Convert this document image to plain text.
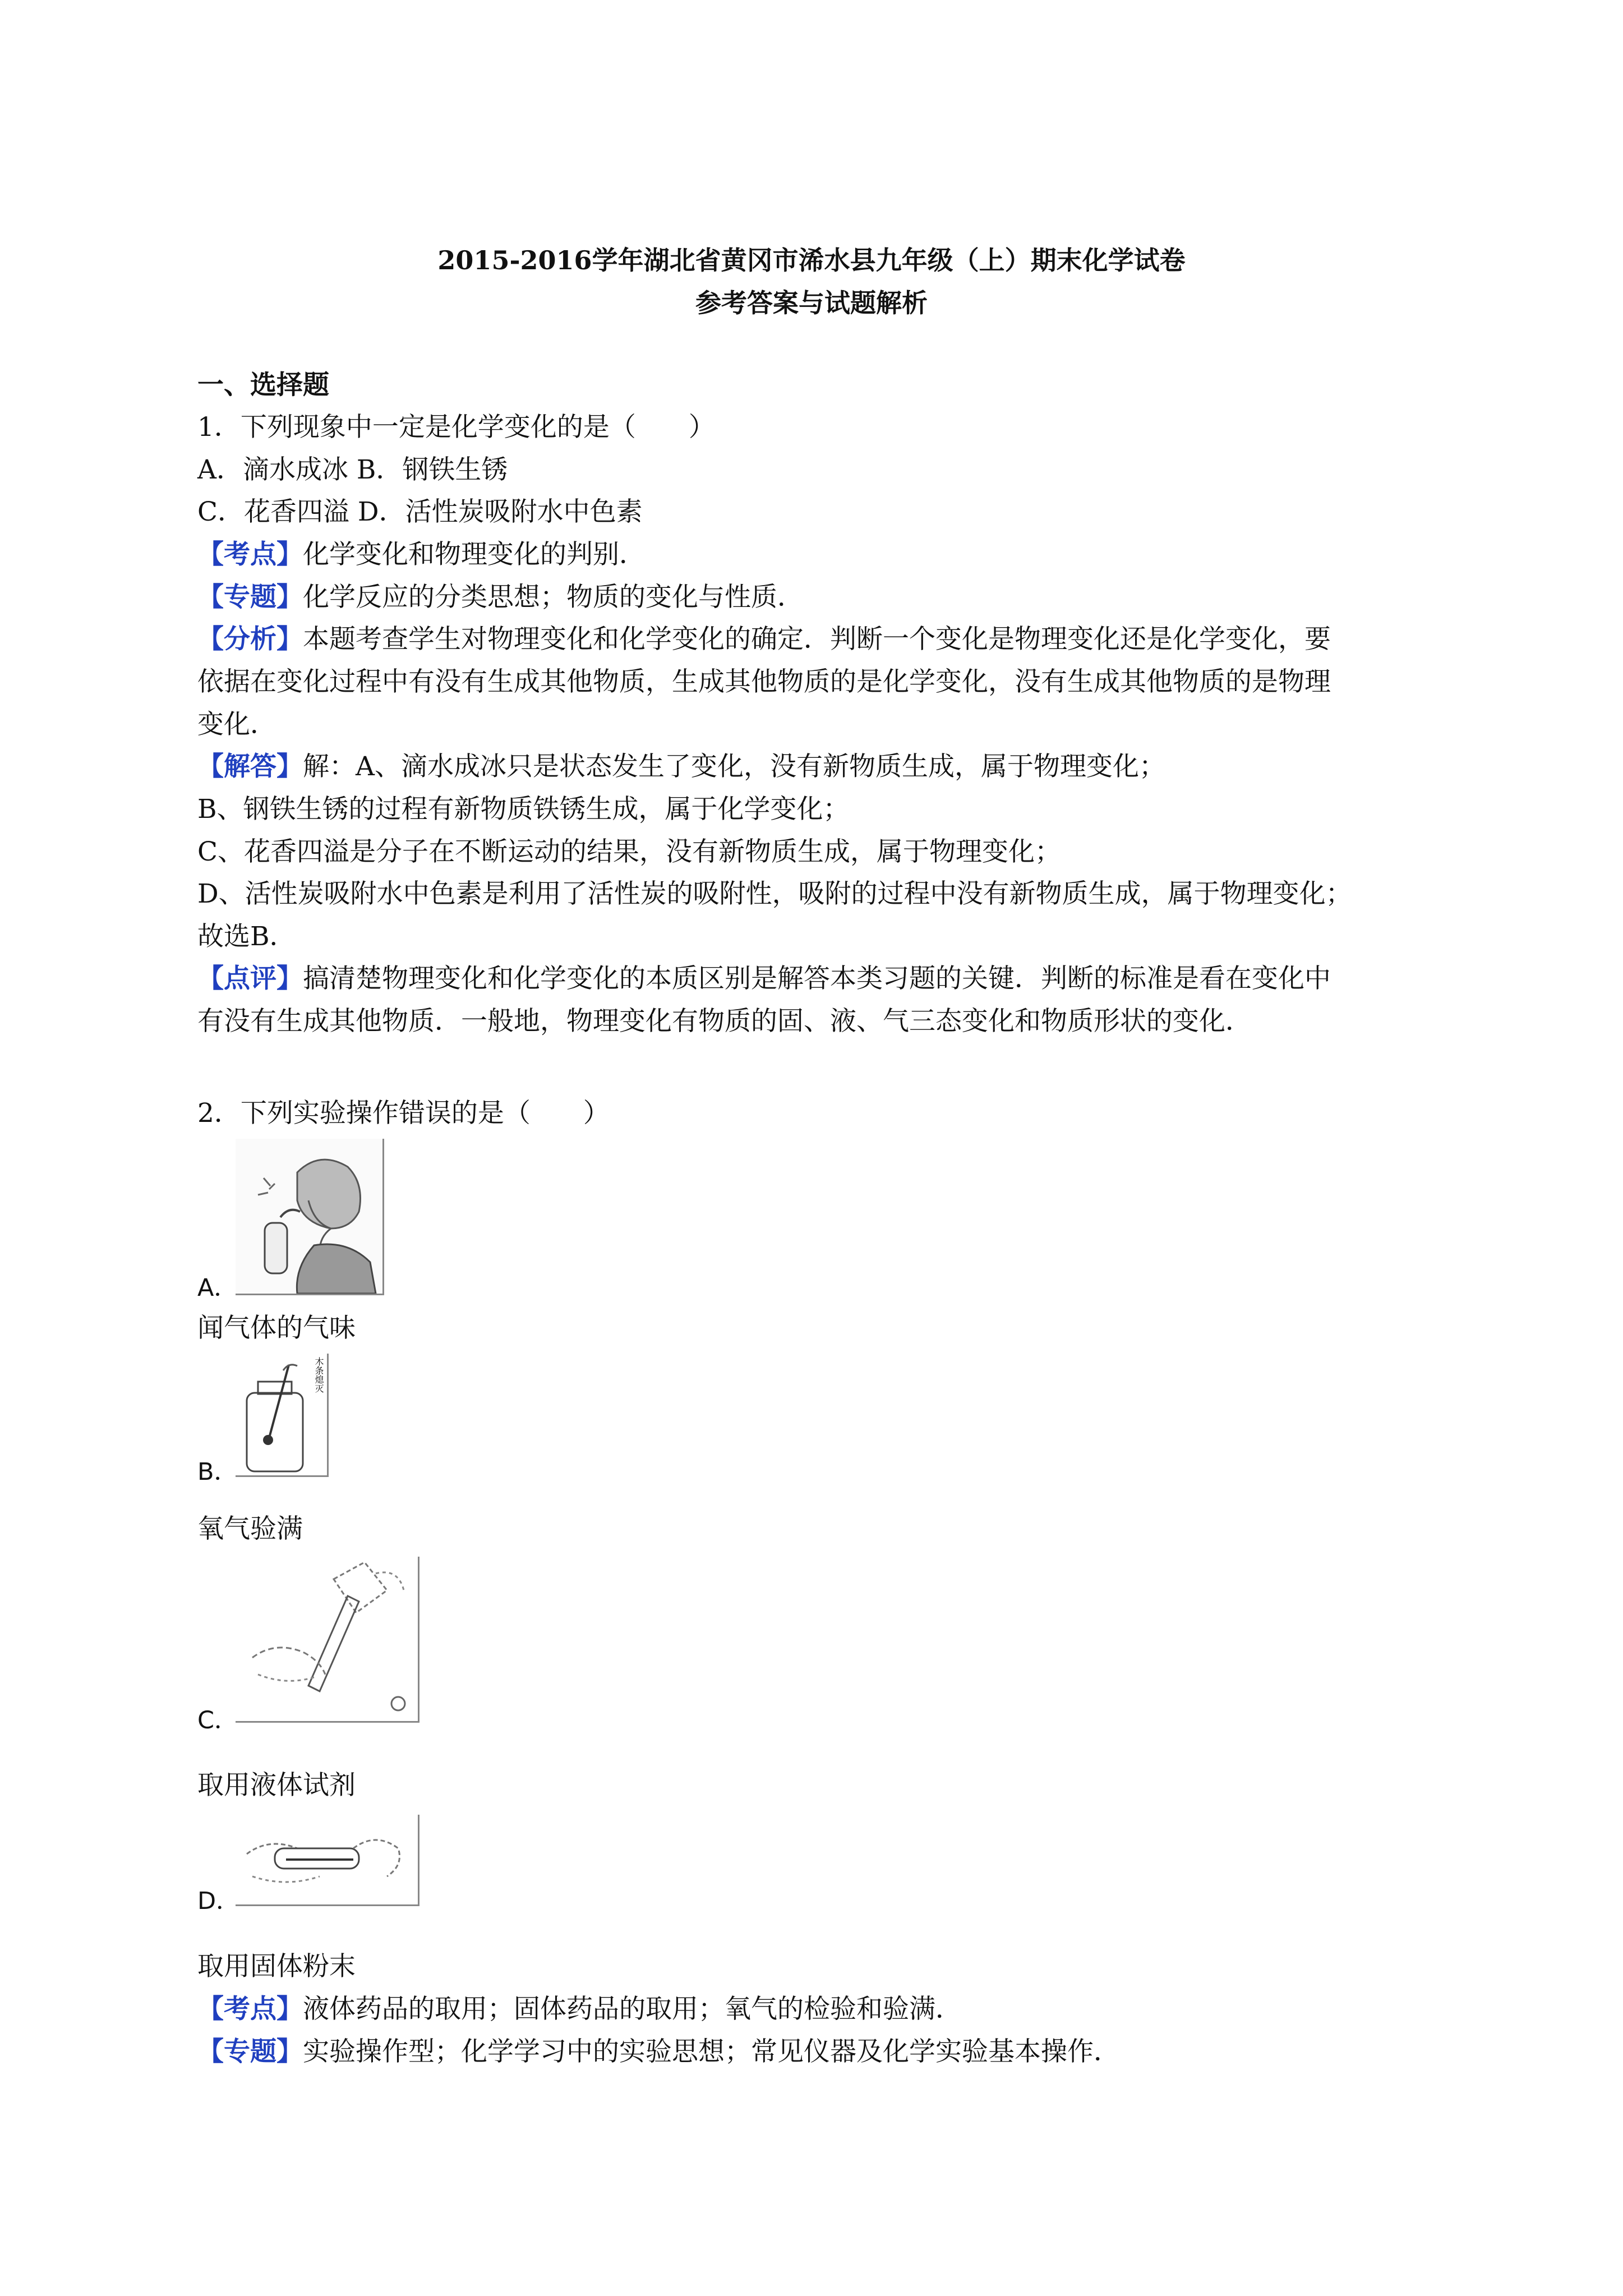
2015-2016学年湖北省黄冈市浠水县九年级（上）期末化学试卷
参考答案与试题解析
一、选择题
1．下列现象中一定是化学变化的是（　　）
A．滴水成冰 B．钢铁生锈
C．花香四溢 D．活性炭吸附水中色素
【考点】化学变化和物理变化的判别．
【专题】化学反应的分类思想；物质的变化与性质．
【分析】本题考查学生对物理变化和化学变化的确定．判断一个变化是物理变化还是化学变化，要
依据在变化过程中有没有生成其他物质，生成其他物质的是化学变化，没有生成其他物质的是物理
变化．
【解答】解：A、滴水成冰只是状态发生了变化，没有新物质生成，属于物理变化；
B、钢铁生锈的过程有新物质铁锈生成，属于化学变化；
C、花香四溢是分子在不断运动的结果，没有新物质生成，属于物理变化；
D、活性炭吸附水中色素是利用了活性炭的吸附性，吸附的过程中没有新物质生成，属于物理变化；
故选B．
【点评】搞清楚物理变化和化学变化的本质区别是解答本类习题的关键．判断的标准是看在变化中
有没有生成其他物质．一般地，物理变化有物质的固、液、气三态变化和物质形状的变化．
2．下列实验操作错误的是（　　）
A．
闻气体的气味
木条熄灭
B．
氧气验满
C．
取用液体试剂
D．
取用固体粉末
【考点】液体药品的取用；固体药品的取用；氧气的检验和验满．
【专题】实验操作型；化学学习中的实验思想；常见仪器及化学实验基本操作．
